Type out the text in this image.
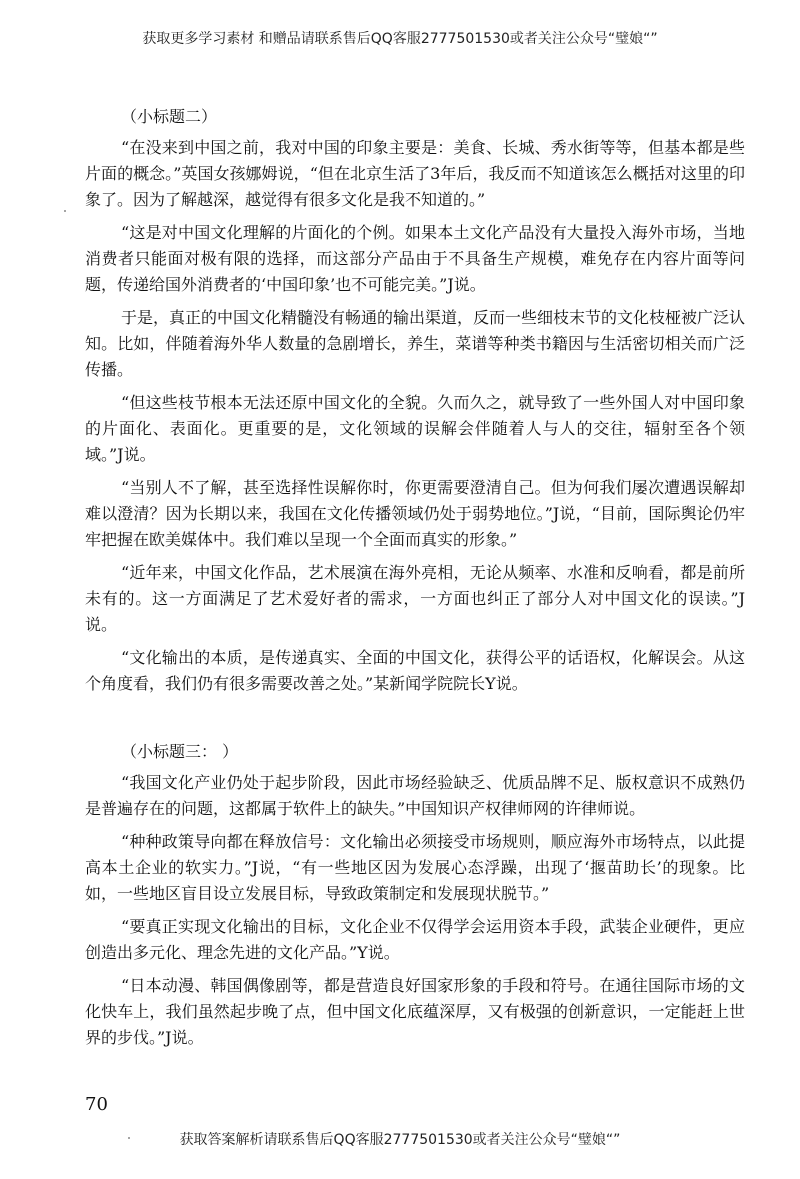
获取更多学习素材 和赠品请联系售后QQ客服2777501530或者关注公众号“璧娘“”
（小标题二）

“在没来到中国之前，我对中国的印象主要是：美食、长城、秀水街等等，但基本都是些片面的概念。”英国女孩娜姆说，“但在北京生活了3年后，我反而不知道该怎么概括对这里的印象了。因为了解越深，越觉得有很多文化是我不知道的。”

“这是对中国文化理解的片面化的个例。如果本土文化产品没有大量投入海外市场，当地消费者只能面对极有限的选择，而这部分产品由于不具备生产规模，难免存在内容片面等问题，传递给国外消费者的‘中国印象’也不可能完美。”J说。

于是，真正的中国文化精髓没有畅通的输出渠道，反而一些细枝末节的文化枝桠被广泛认知。比如，伴随着海外华人数量的急剧增长，养生，菜谱等种类书籍因与生活密切相关而广泛传播。

“但这些枝节根本无法还原中国文化的全貌。久而久之，就导致了一些外国人对中国印象的片面化、表面化。更重要的是，文化领域的误解会伴随着人与人的交往，辐射至各个领域。”J说。

“当别人不了解，甚至选择性误解你时，你更需要澄清自己。但为何我们屡次遭遇误解却难以澄清？因为长期以来，我国在文化传播领域仍处于弱势地位。”J说，“目前，国际舆论仍牢牢把握在欧美媒体中。我们难以呈现一个全面而真实的形象。”

“近年来，中国文化作品，艺术展演在海外亮相，无论从频率、水准和反响看，都是前所未有的。这一方面满足了艺术爱好者的需求，一方面也纠正了部分人对中国文化的误读。”J说。

“文化输出的本质，是传递真实、全面的中国文化，获得公平的话语权，化解误会。从这个角度看，我们仍有很多需要改善之处。”某新闻学院院长Y说。

（小标题三： ）

“我国文化产业仍处于起步阶段，因此市场经验缺乏、优质品牌不足、版权意识不成熟仍是普遍存在的问题，这都属于软件上的缺失。”中国知识产权律师网的许律师说。

“种种政策导向都在释放信号：文化输出必须接受市场规则，顺应海外市场特点，以此提高本土企业的软实力。”J说，“有一些地区因为发展心态浮躁，出现了‘揠苗助长’的现象。比如，一些地区盲目设立发展目标，导致政策制定和发展现状脱节。”

“要真正实现文化输出的目标，文化企业不仅得学会运用资本手段，武装企业硬件，更应创造出多元化、理念先进的文化产品。”Y说。

“日本动漫、韩国偶像剧等，都是营造良好国家形象的手段和符号。在通往国际市场的文化快车上，我们虽然起步晚了点，但中国文化底蕴深厚，又有极强的创新意识，一定能赶上世界的步伐。”J说。

70
获取答案解析请联系售后QQ客服2777501530或者关注公众号“璧娘“”
